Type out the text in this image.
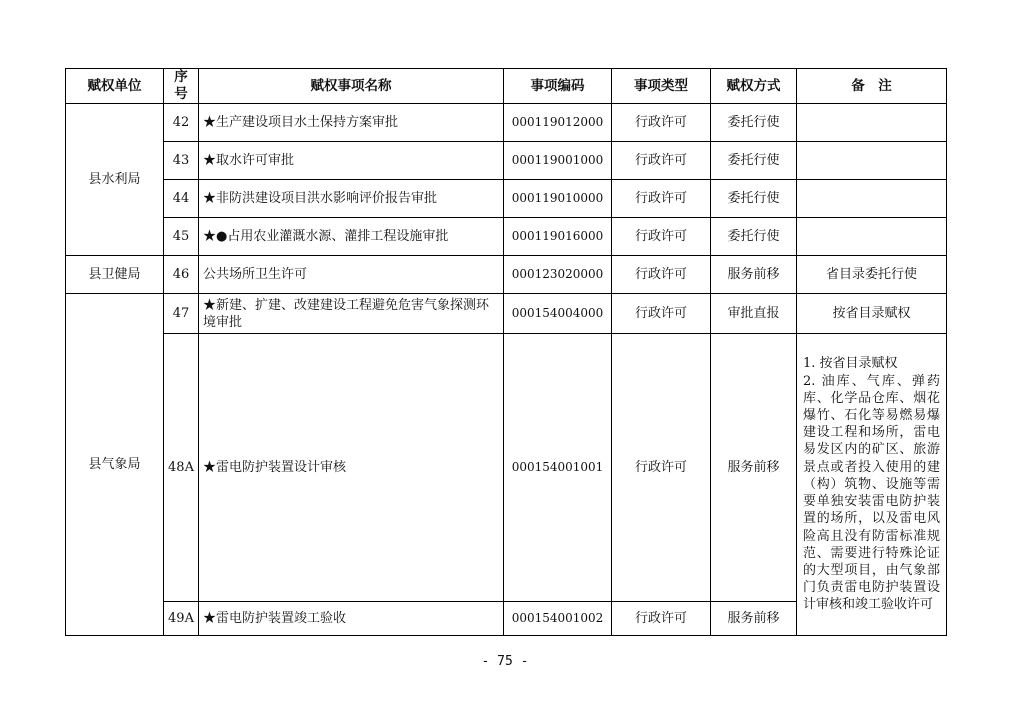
赋权单位	序号	赋权事项名称	事项编码	事项类型	赋权方式	备　注
县水利局	42	★生产建设项目水土保持方案审批	000119012000	行政许可	委托行使	
	43	★取水许可审批	000119001000	行政许可	委托行使	
	44	★非防洪建设项目洪水影响评价报告审批	000119010000	行政许可	委托行使	
	45	★●占用农业灌溉水源、灌排工程设施审批	000119016000	行政许可	委托行使	
县卫健局	46	公共场所卫生许可	000123020000	行政许可	服务前移	省目录委托行使
县气象局	47	★新建、扩建、改建建设工程避免危害气象探测环境审批	000154004000	行政许可	审批直报	按省目录赋权
	48A	★雷电防护装置设计审核	000154001001	行政许可	服务前移	1. 按省目录赋权
2. 油库、气库、弹药库、化学品仓库、烟花爆竹、石化等易燃易爆建设工程和场所，雷电易发区内的矿区、旅游景点或者投入使用的建（构）筑物、设施等需要单独安装雷电防护装置的场所，以及雷电风险高且没有防雷标准规范、需要进行特殊论证的大型项目，由气象部门负责雷电防护装置设计审核和竣工验收许可

	49A	★雷电防护装置竣工验收	000154001002	行政许可	服务前移	
- 75 -
